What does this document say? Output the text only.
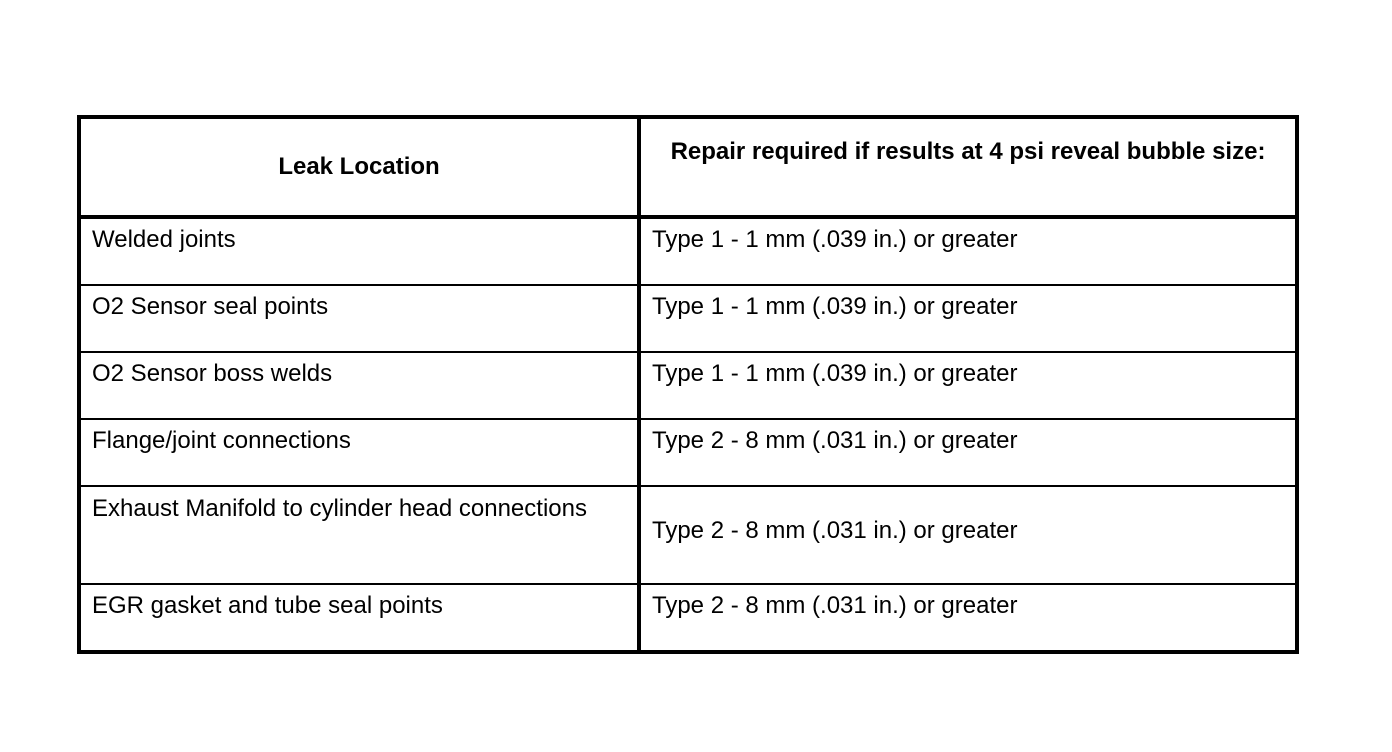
Leak Location	Repair required if results at 4 psi reveal bubble size:

Welded joints	Type 1 - 1 mm (.039 in.) or greater
O2 Sensor seal points	Type 1 - 1 mm (.039 in.) or greater
O2 Sensor boss welds	Type 1 - 1 mm (.039 in.) or greater
Flange/joint connections	Type 2 - 8 mm (.031 in.) or greater
Exhaust Manifold to cylinder head connections	Type 2 - 8 mm (.031 in.) or greater
EGR gasket and tube seal points	Type 2 - 8 mm (.031 in.) or greater
